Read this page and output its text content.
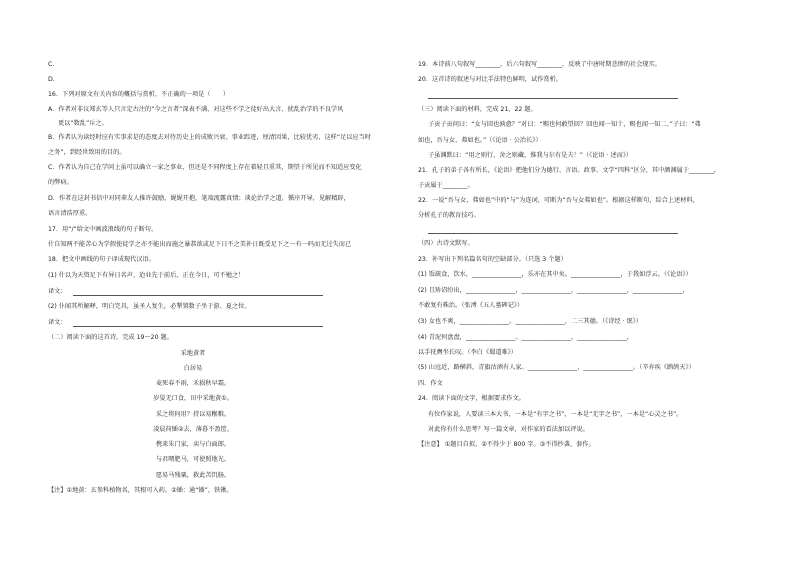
C.
D.
16．下列对原文有关内容的概括与赏析，不正确的一项是（　　）
A．作者对非议郑玄等人只言定古注的“今之言者”深表不满，对这些不学之徒好出大言、扰乱治学的不良学风
更以“数乱”斥之。
B．作者认为读经时应有实事求是的态度去对待历史上的成败兴衰、事业踪迹，厘清因果，比较优劣，这样“足以应当时
之务”，到经世致用的目的。
C．作者认为自己在学问上虽可以确立一家之事业，但还是不同程度上存在着轻且重其，期望于所见而不知适应变化
的弊病。
D．作者在这封书信中对同辈友人推许鼓励，娓娓开抱，笔端流露真情；谈论治学之道，循序开导，见解精辟，
语言清浩厚重。
17．用“/”给文中画波浪线的句子断句。
什自知两不能苦心为学假使徒学之亦不能出而施之暴恭欲或足下日不之美补日既受足下之一有一吗而无过失而已
18．把文中画线的句子译成现代汉语。
(1) 什以为天资足下有异日名声，迨业先于前后，正在今日，可不勉之！
译文：
(2) 仆闻其所解释，明白完具，虽圣人复生，必掣置数子坐于游、夏之位。
译文：
（二）阅读下面的这首诗，完成 19～20 题。
采地黄者
白居易
麦死春不雨，禾损秋早霜。
岁晏无口食，田中采地黄①。
采之将何用？持以易糇粮。
凌晨荷锸②去，薄暮不盈筐。
携来朱门家，卖与白面郎。
与君喂肥马，可使照地光。
愿易马残粟，救此苦饥肠。
【注】①地黄：玄参科植物名，其根可入药。②锸：通“锸”，铁锹。
19．本诗前八句叙写________，后六句叙写________，反映了中唐时期悲惨的社会现实。
20．这首诗的叙述与对比手法特色鲜明，试作赏析。
（三）阅读下面的材料，完成 21、22 题。
子贡子贡问曰：“女与回也孰愈？”对曰：“赐也何敢望回？回也闻一知十，赐也闻一知二。”子曰：“弗
如也，吾与女，弗如也。”（《论语 · 公冶长》）
子虽渊默曰：“用之则行，舍之则藏，惟我与尔有是夫！”（《论语 · 述而》）
21．孔子的弟子各有所长，《论语》把他们分为德行、言语、政事、文学“四科”区分，其中颜渊属于________，
子贡属于________。
22．一说“吾与女，弗如也”中的“与”为连词，可断为“吾与女弗如也”。根据这样断句，综合上述材料，
分析孔子的教育技巧。
（四）古诗文默写。
23．补写出下列名篇名句的空缺部分。（只选 3 个题）
(1) 饭疏食，饮水，________________，乐亦在其中矣。________________，于我如浮云。（《论语》）
(2) 且矫诏纷出，________________，________________，________________，________________，
不敢复有株治。（张溥《五人墓碑记》）
(3) 女也不爽，________________。________________，二三其德。（《诗经 · 氓》）
(4) 青泥何盘盘，________________。________________，________________，
以手抚膺坐长叹。（李白《蜀道难》）
(5) 山远近，路横斜，青旗沽酒有人家。________________，________________。（辛弃疾《鹧鸪天》）
四．作文
24．阅读下面的文字，根据要求作文。
有位作家说，人要读三本大书，一本是“有字之书”，一本是“无字之书”，一本是“心灵之书”。
对此你有什么思考？写一篇文章，对作家的看法加以评说。
【注意】 ①题目自拟。②不得少于 800 字。③不得抄袭、套作。
